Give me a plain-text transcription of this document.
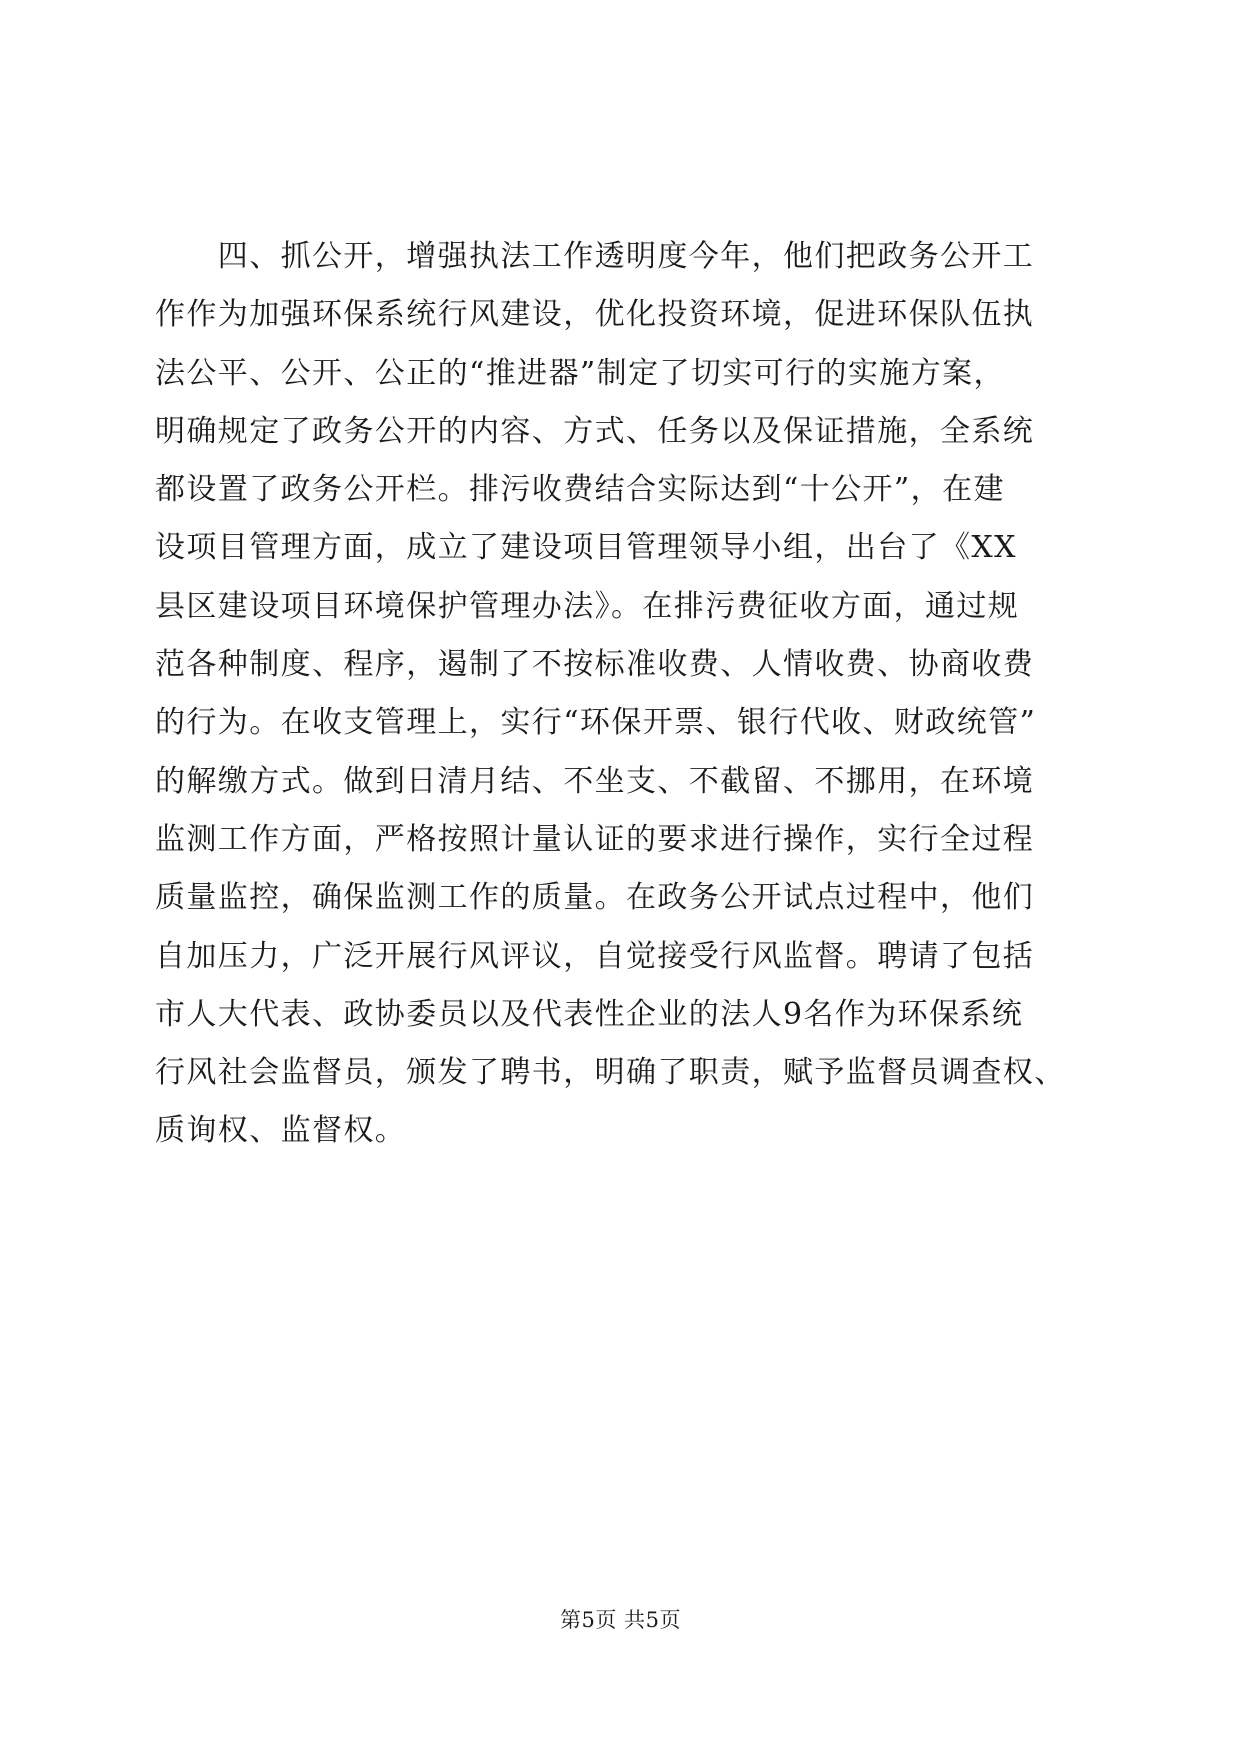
　　四、抓公开，增强执法工作透明度今年，他们把政务公开工
作作为加强环保系统行风建设，优化投资环境，促进环保队伍执
法公平、公开、公正的“推进器”制定了切实可行的实施方案，
明确规定了政务公开的内容、方式、任务以及保证措施，全系统
都设置了政务公开栏。排污收费结合实际达到“十公开”，在建
设项目管理方面，成立了建设项目管理领导小组，出台了《XX
县区建设项目环境保护管理办法》。在排污费征收方面，通过规
范各种制度、程序，遏制了不按标准收费、人情收费、协商收费
的行为。在收支管理上，实行“环保开票、银行代收、财政统管”
的解缴方式。做到日清月结、不坐支、不截留、不挪用，在环境
监测工作方面，严格按照计量认证的要求进行操作，实行全过程
质量监控，确保监测工作的质量。在政务公开试点过程中，他们
自加压力，广泛开展行风评议，自觉接受行风监督。聘请了包括
市人大代表、政协委员以及代表性企业的法人9名作为环保系统
行风社会监督员，颁发了聘书，明确了职责，赋予监督员调查权、
质询权、监督权。
第5页 共5页
